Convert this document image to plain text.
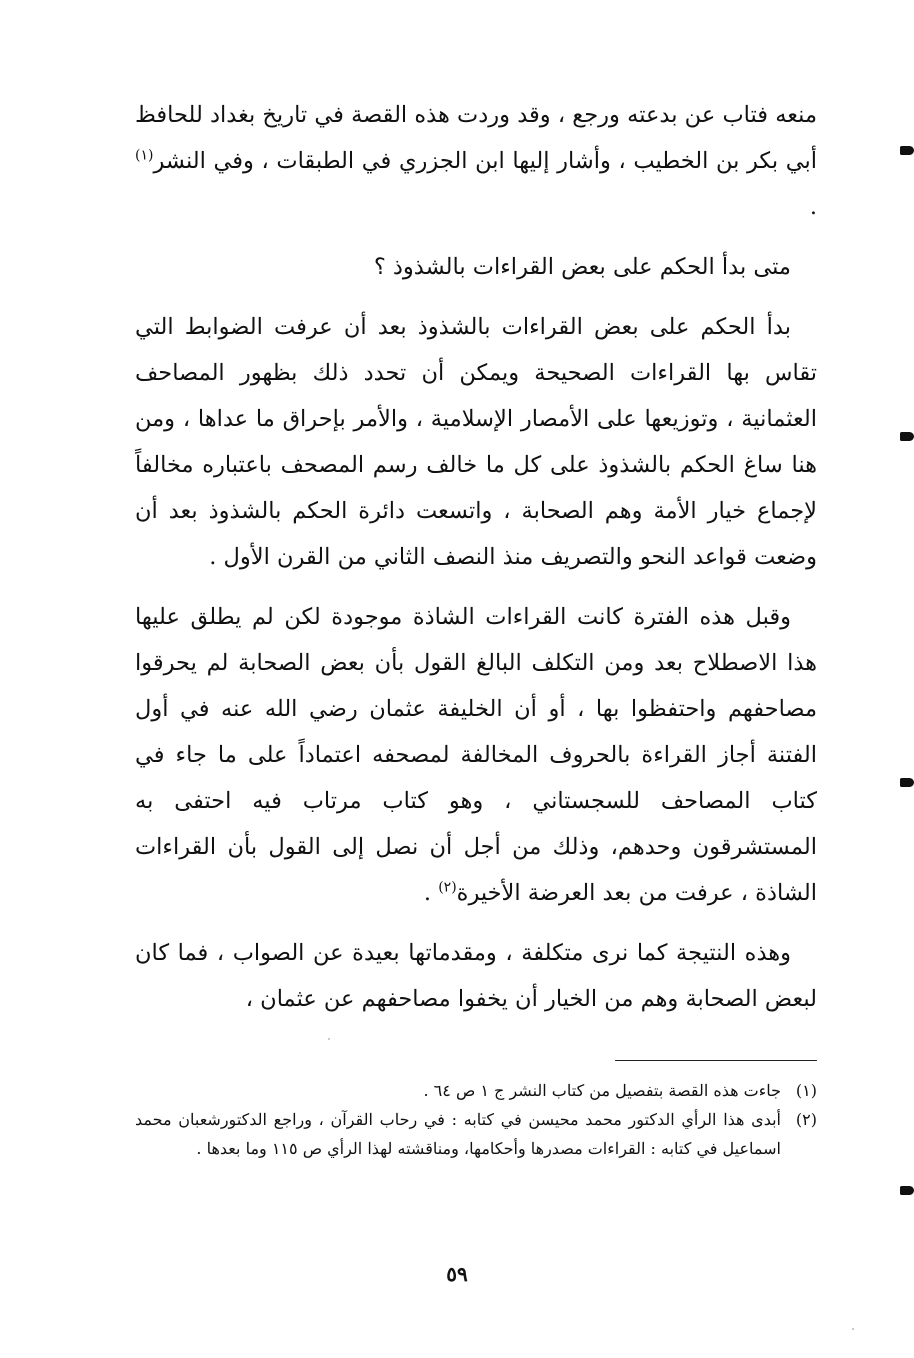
منعه فتاب عن بدعته ورجع ، وقد وردت هذه القصة في تاريخ بغداد للحافظ أبي بكر بن الخطيب ، وأشار إليها ابن الجزري في الطبقات ، وفي النشر$^{(١)}$ .

متى بدأ الحكم على بعض القراءات بالشذوذ ؟

بدأ الحكم على بعض القراءات بالشذوذ بعد أن عرفت الضوابط التي تقاس بها القراءات الصحيحة ويمكن أن تحدد ذلك بظهور المصاحف العثمانية ، وتوزيعها على الأمصار الإسلامية ، والأمر بإحراق ما عداها ، ومن هنا ساغ الحكم بالشذوذ على كل ما خالف رسم المصحف باعتباره مخالفاً لإجماع خيار الأمة وهم الصحابة ، واتسعت دائرة الحكم بالشذوذ بعد أن وضعت قواعد النحو والتصريف منذ النصف الثاني من القرن الأول .

وقبل هذه الفترة كانت القراءات الشاذة موجودة لكن لم يطلق عليها هذا الاصطلاح بعد ومن التكلف البالغ القول بأن بعض الصحابة لم يحرقوا مصاحفهم واحتفظوا بها ، أو أن الخليفة عثمان رضي الله عنه في أول الفتنة أجاز القراءة بالحروف المخالفة لمصحفه اعتماداً على ما جاء في كتاب المصاحف للسجستاني ، وهو كتاب مرتاب فيه احتفى به المستشرقون وحدهم، وذلك من أجل أن نصل إلى القول بأن القراءات الشاذة ، عرفت من بعد العرضة الأخيرة$^{(٢)}$ .

وهذه النتيجة كما نرى متكلفة ، ومقدماتها بعيدة عن الصواب ، فما كان لبعض الصحابة وهم من الخيار أن يخفوا مصاحفهم عن عثمان ،

(١)
جاءت هذه القصة بتفصيل من كتاب النشر ج ١ ص ٦٤ .
(٢)
أبدى هذا الرأي الدكتور محمد محيسن في كتابه : في رحاب القرآن ، وراجع الدكتورشعبان محمد اسماعيل في كتابه : القراءات مصدرها وأحكامها، ومناقشته لهذا الرأي ص ١١٥ وما بعدها .
٥٩
